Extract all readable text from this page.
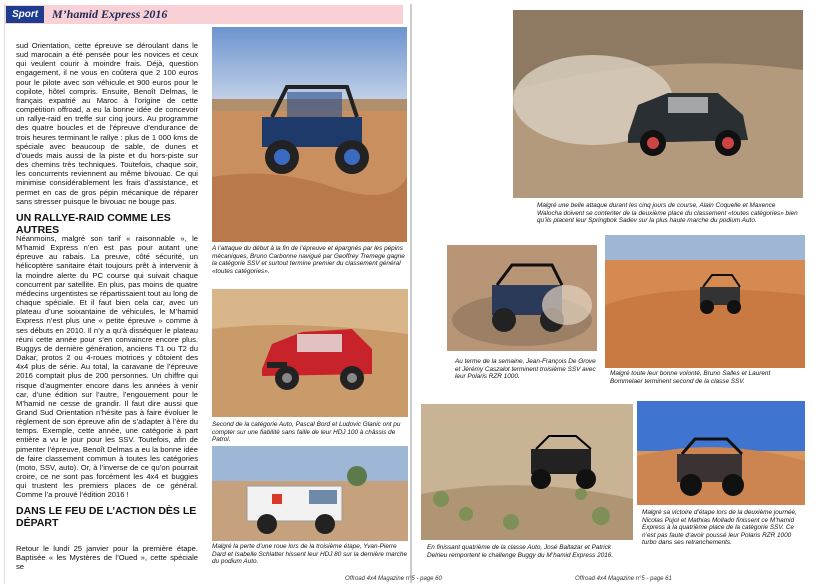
Sport	M’hamid Express 2016

sud Orientation, cette épreuve se déroulant dans le sud marocain a été pensée pour les novices et ceux qui veulent courir à moindre frais. Déjà, question engagement, il ne vous en coûtera que 2 100 euros pour le pilote avec son véhicule et 900 euros pour le copilote, hôtel compris. Ensuite, Benoît Delmas, le français expatrié au Maroc à l’origine de cette compétition offroad, a eu la bonne idée de concevoir un rallye-raid en treffe sur cinq jours. Au programme des quatre boucles et de l’épreuve d’endurance de trois heures terminant le rallye : plus de 1 000 kms de spéciale avec beaucoup de sable, de dunes et d’oueds mais aussi de la piste et du hors-piste sur des chemins très techniques. Toutefois, chaque soir, les concurrents reviennent au même bivouac. Ce qui minimise considérablement les frais d’assistance, et permet en cas de gros pépin mécanique de réparer sans stresser puisque le bivouac ne bouge pas.

UN RALLYE-RAID COMME LES AUTRES

Néanmoins, malgré son tarif « raisonnable », le M’hamid Express n’en est pas pour autant une épreuve au rabais. La preuve, côté sécurité, un hélicoptère sanitaire était toujours prêt à intervenir à la moindre alerte du PC course qui suivait chaque concurrent par satellite. En plus, pas moins de quatre médecins urgentistes se répartissaient tout au long de chaque spéciale. Et il faut bien cela car, avec un plateau d’une soixantaine de véhicules, le M’hamid Express n’est plus une « petite épreuve » comme à ses débuts en 2010. Il n’y a qu’à disséquer le plateau réuni cette année pour s’en convaincre encore plus. Buggys de dernière génération, anciens T1 ou T2 du Dakar, protos 2 ou 4-roues motrices y côtoient des 4x4 plus de série. Au total, la caravane de l’épreuve 2016 comptait plus de 200 personnes. Un chiffre qui risque d’augmenter encore dans les années à venir car, d’une édition sur l’autre, l’engouement pour le M’hamid ne cesse de grandir. Il faut dire aussi que Grand Sud Orientation n’hésite pas à faire évoluer le règlement de son épreuve afin de s’adapter à l’ère du temps. Exemple, cette année, une catégorie à part entière a vu le jour pour les SSV. Toutefois, afin de pimenter l’épreuve, Benoît Delmas a eu la bonne idée de faire classement commun à toutes les catégories (moto, SSV, auto). Or, à l’inverse de ce qu’on pourrait croire, ce ne sont pas forcément les 4x4 et buggies qui trustent les premiers places de ce général. Comme l’a prouvé l’édition 2016 !

DANS LE FEU DE L’ACTION DÈS LE DÉPART

Retour le lundi 25 janvier pour la première étape. Baptisée « les Mystères de l’Oued », cette spéciale se

A l’attaque du début à la fin de l’épreuve et épargnés par les pépins mécaniques, Bruno Carbonne navigué par Geoffrey Tremege gagne la catégorie SSV et surtout termine premier du classement général «toutes catégories».
Second de la catégorie Auto, Pascal Bord et Ludovic Glanic ont pu compter sur une fiabilité sans faille de leur HDJ 100 à châssis de Patrol.
Malgré la perte d’une roue lors de la troisième étape, Yvan-Pierre Dard et Isabelle Schlatter hissent leur HDJ 80 sur la dernière marche du podium Auto.
Malgré une belle attaque durant les cinq jours de course, Alain Coquelle et Maxence Walocha doivent se contenter de la deuxième place du classement «toutes catégories» bien qu’ils placent leur Springbok Sadev sur la plus haute marche du podium Auto.
Au terme de la semaine, Jean-François De Grove et Jérémy Caszalot terminent troisième SSV avec leur Polaris RZR 1000.	Malgré toute leur bonne volonté, Bruno Salles et Laurent Bommelaer terminent second de la classe SSV.
En finissant quatrième de la classe Auto, José Baltazar et Patrick Delrieu remportent le challenge Buggy du M’hamid Express 2016.
Malgré sa victoire d’étape lors de la deuxième journée, Nicolas Pujol et Mathias Mollado finissent ce M’hamid Express à la quatrième place de la catégorie SSV. Ce n’est pas faute d’avoir poussé leur Polaris RZR 1000 turbo dans ses retranchements.
Offroad 4x4 Magazine n°5 - page 60	Offroad 4x4 Magazine n°5 - page 61
